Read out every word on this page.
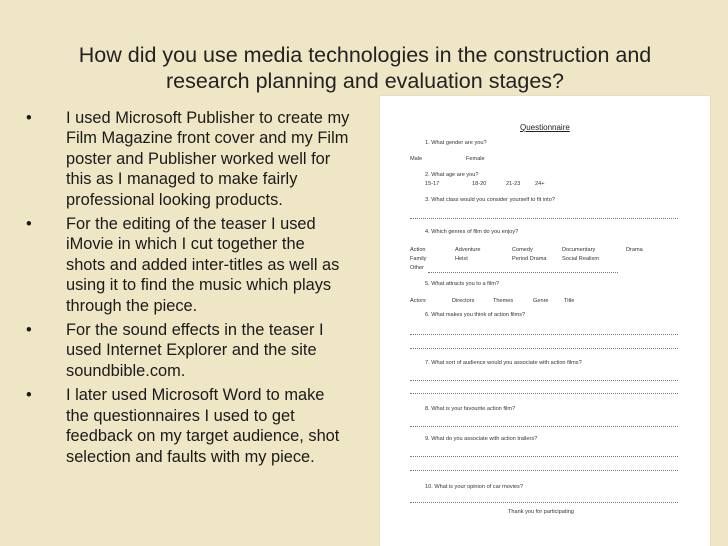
How did you use media technologies in the construction and research planning and evaluation stages?
• I used Microsoft Publisher to create my
Film Magazine front cover and my Film
poster and Publisher worked well for
this as I managed to make fairly
professional looking products.
• For the editing of the teaser I used
iMovie in which I cut together the
shots and added inter-titles as well as
using it to find the music which plays
through the piece.
• For the sound effects in the teaser I
used Internet Explorer and the site
soundbible.com.
• I later used Microsoft Word to make
the questionnaires I used to get
feedback on my target audience, shot
selection and faults with my piece.
Questionnaire
1. What gender are you?
Male	Female
2. What age are you?
15-17	18-20	21-23	24+
3. What class would you consider yourself to fit into?
4. Which genres of film do you enjoy?
Action	Adventure	Comedy	Documentary	Drama
Family	Heist	Period Drama	Social Realism
Other
5. What attracts you to a film?
Actors	Directors	Themes	Genre	Title
6. What makes you think of action films?
7. What sort of audience would you associate with action films?
8. What is your favourite action film?
9. What do you associate with action trailers?
10. What is your opinion of car movies?
Thank you for participating
